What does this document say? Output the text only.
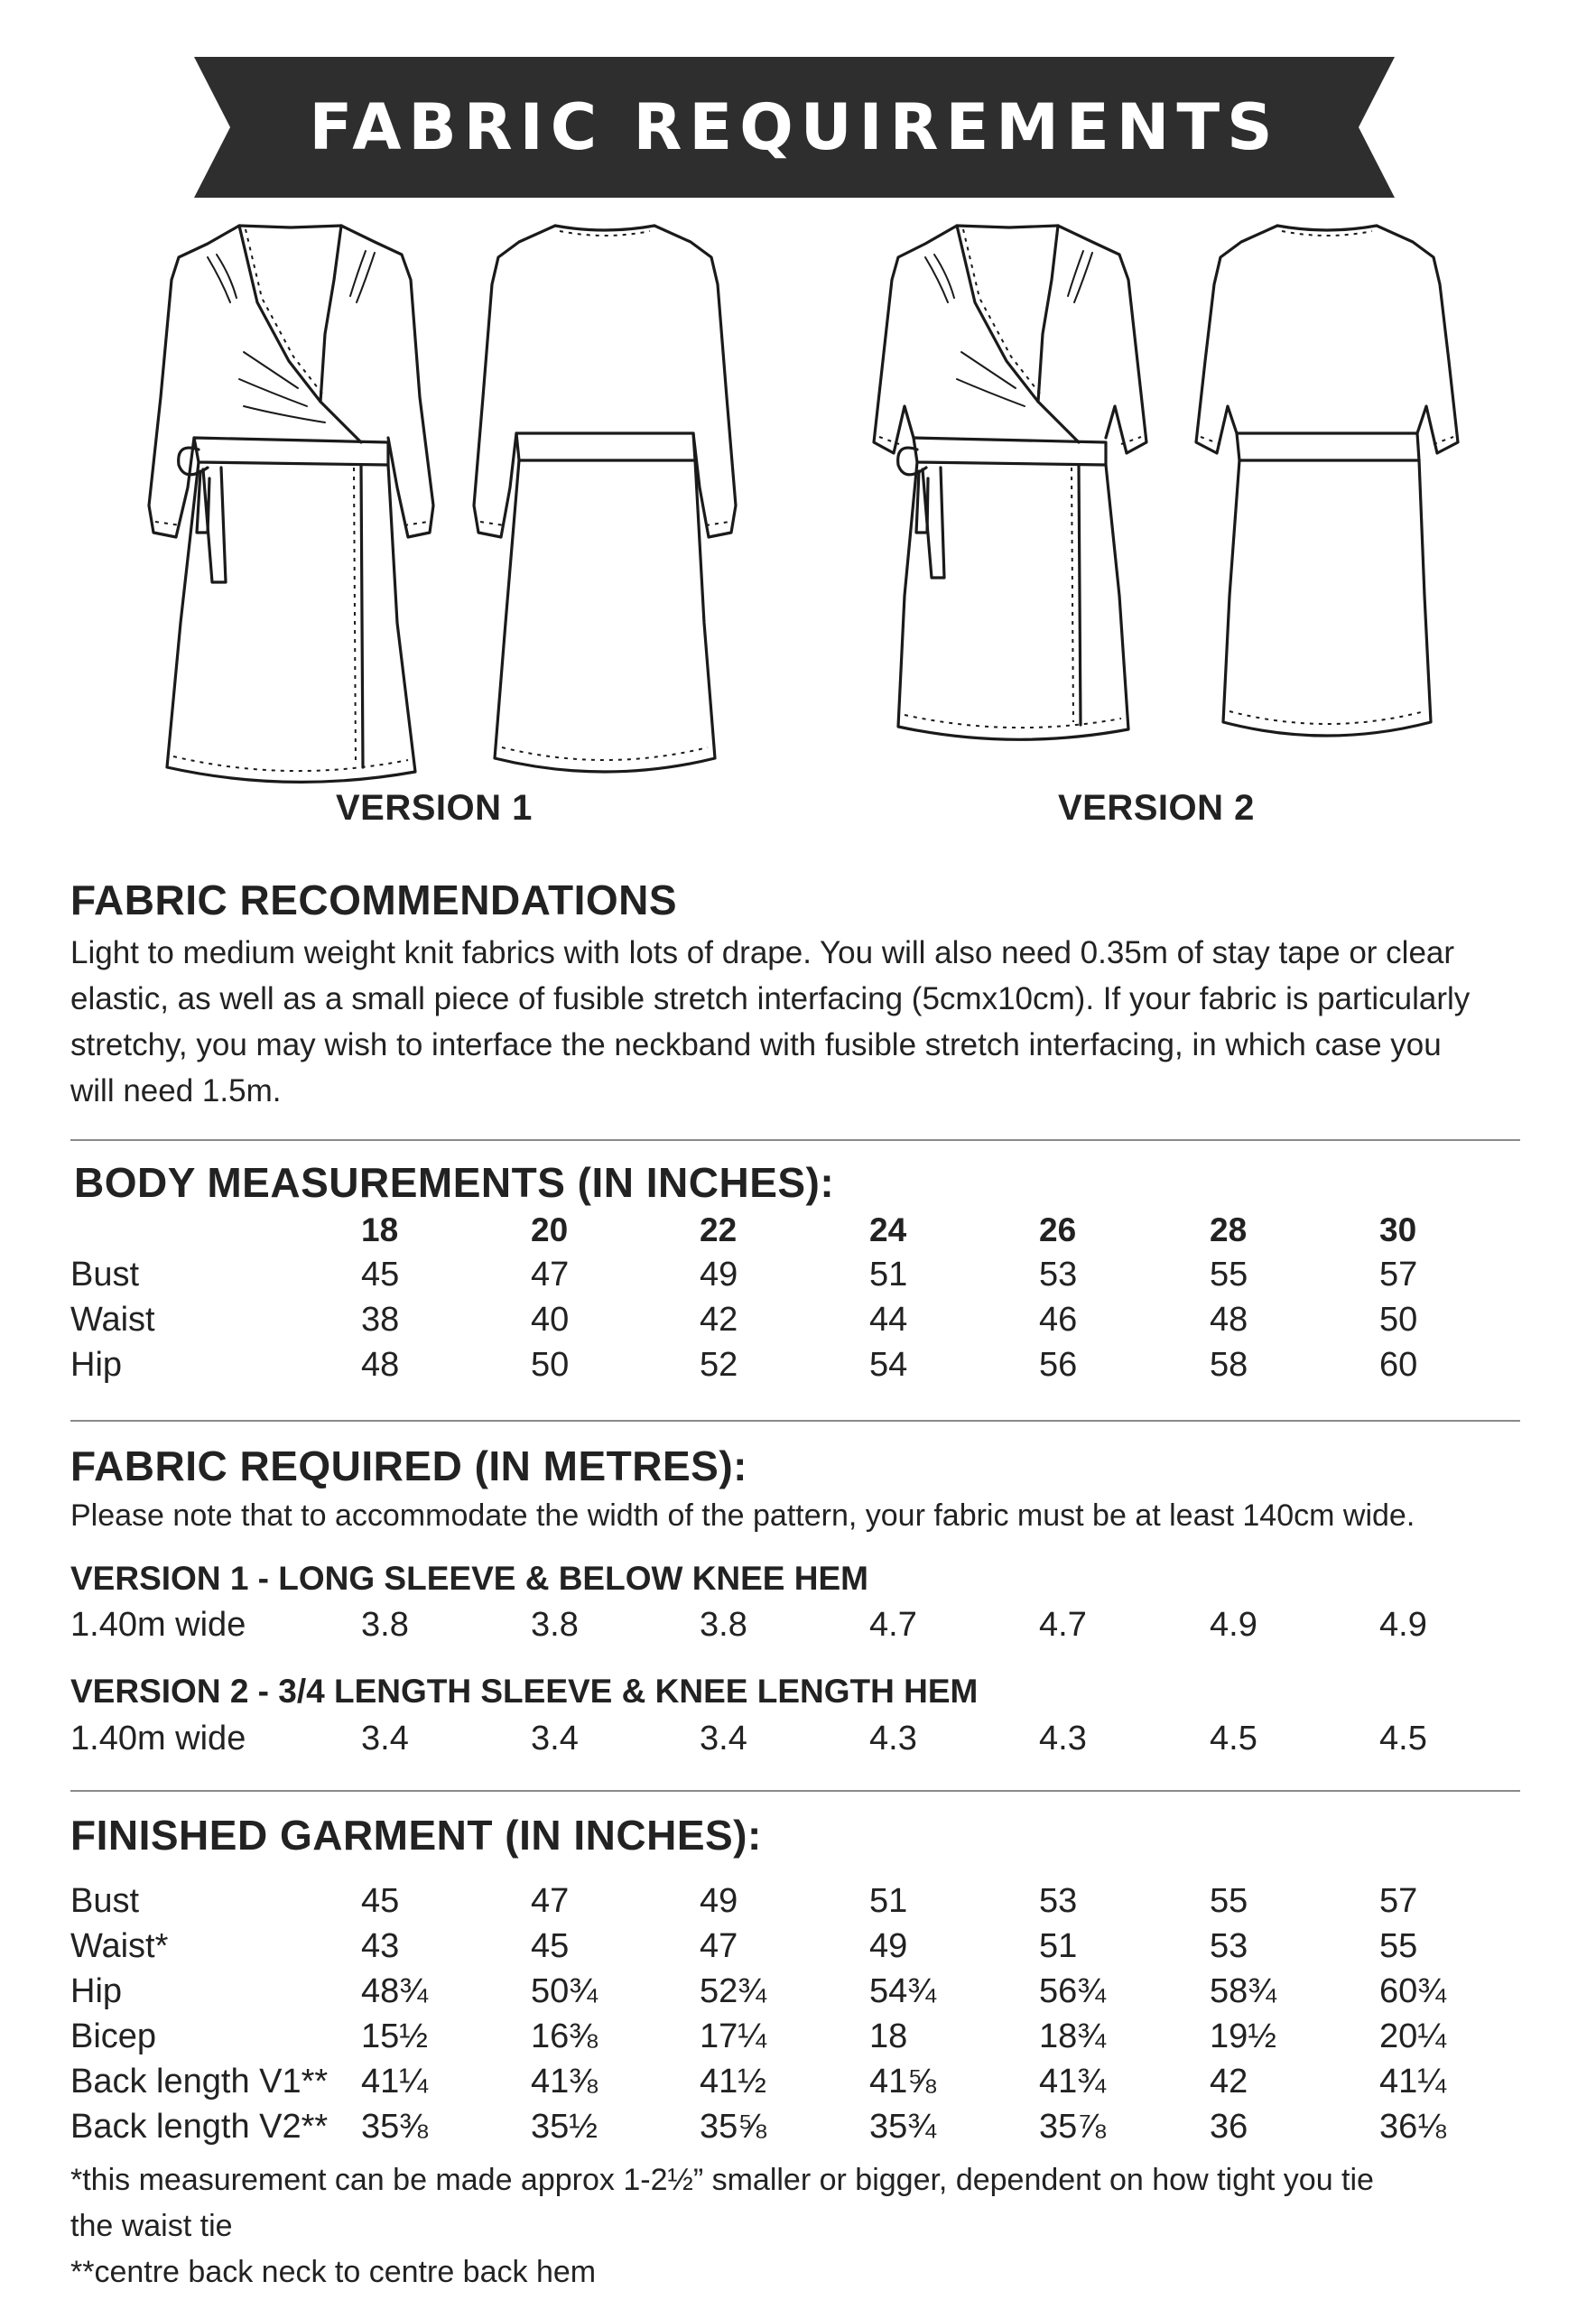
FABRIC REQUIREMENTS
VERSION 1	VERSION 2
FABRIC RECOMMENDATIONS
Light to medium weight knit fabrics with lots of drape. You will also need 0.35m of stay tape or clear
elastic, as well as a small piece of fusible stretch interfacing (5cmx10cm). If your fabric is particularly
stretchy, you may wish to interface the neckband with fusible stretch interfacing, in which case you
will need 1.5m.
BODY MEASUREMENTS (IN INCHES):
18	20	22	24	26	28	30
Bust	45	47	49	51	53	55	57
Waist	38	40	42	44	46	48	50
Hip	48	50	52	54	56	58	60
FABRIC REQUIRED (IN METRES):
Please note that to accommodate the width of the pattern, your fabric must be at least 140cm wide.
VERSION 1 - LONG SLEEVE & BELOW KNEE HEM
1.40m wide	3.8	3.8	3.8	4.7	4.7	4.9	4.9
VERSION 2 - 3/4 LENGTH SLEEVE & KNEE LENGTH HEM
1.40m wide	3.4	3.4	3.4	4.3	4.3	4.5	4.5
FINISHED GARMENT (IN INCHES):
Bust	45	47	49	51	53	55	57
Waist*	43	45	47	49	51	53	55
Hip	48¾	50¾	52¾	54¾	56¾	58¾	60¾
Bicep	15½	16⅜	17¼	18	18¾	19½	20¼
Back length V1** 41¼	41⅜	41½	41⅝	41¾	42	41¼
Back length V2** 35⅜	35½	35⅝	35¾	35⅞	36	36⅛
*this measurement can be made approx 1-2½” smaller or bigger, dependent on how tight you tie
the waist tie
**centre back neck to centre back hem
